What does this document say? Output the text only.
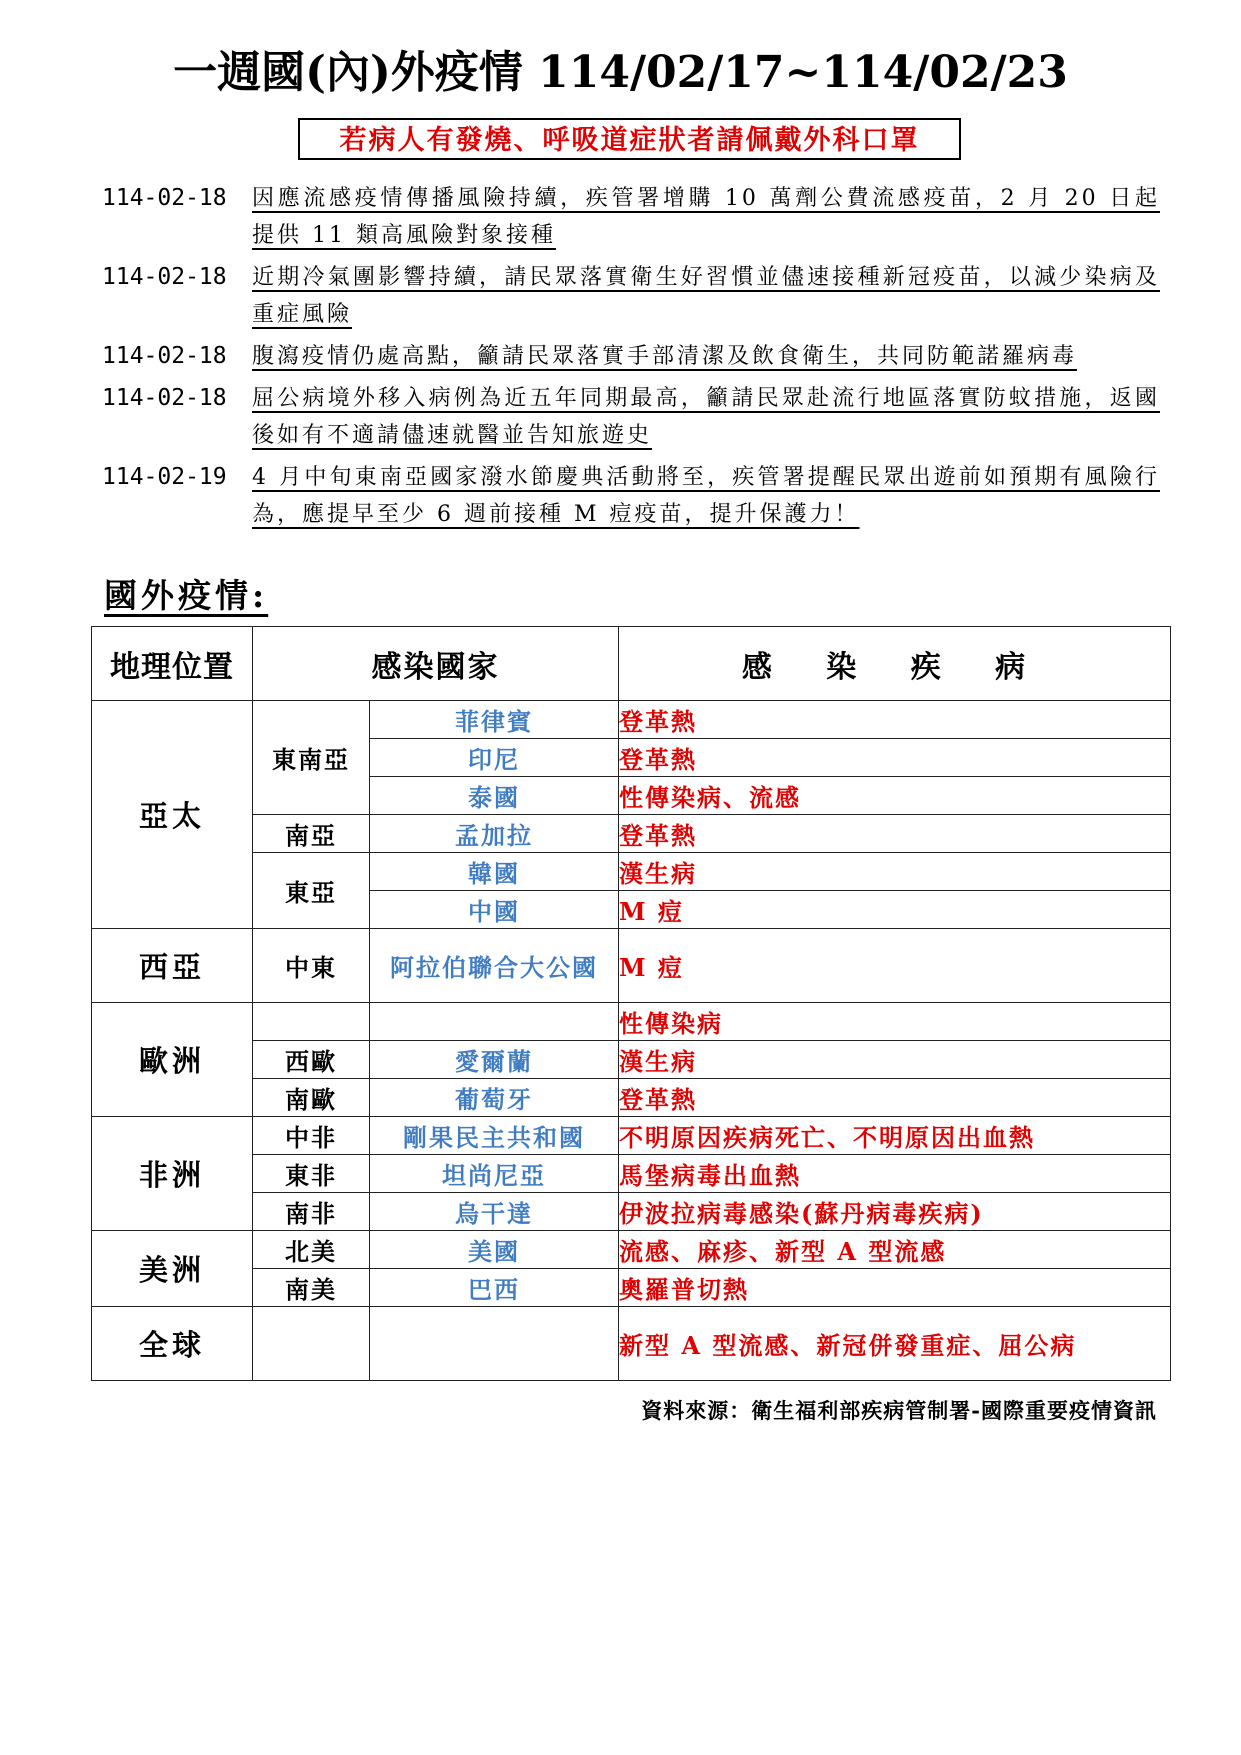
一週國(內)外疫情 114/02/17~114/02/23
若病人有發燒、呼吸道症狀者請佩戴外科口罩
114-02-18	因應流感疫情傳播風險持續，疾管署增購 10 萬劑公費流感疫苗，2 月 20 日起提供 11 類高風險對象接種
114-02-18	近期冷氣團影響持續，請民眾落實衛生好習慣並儘速接種新冠疫苗，以減少染病及重症風險
114-02-18	腹瀉疫情仍處高點，籲請民眾落實手部清潔及飲食衛生，共同防範諾羅病毒
114-02-18	屈公病境外移入病例為近五年同期最高，籲請民眾赴流行地區落實防蚊措施，返國後如有不適請儘速就醫並告知旅遊史
114-02-19	4 月中旬東南亞國家潑水節慶典活動將至，疾管署提醒民眾出遊前如預期有風險行為，應提早至少 6 週前接種 M 痘疫苗，提升保護力！
國外疫情:
地理位置	感染國家		感 染 疾 病
亞太	東南亞	菲律賓	登革熱
		印尼	登革熱
		泰國	性傳染病、流感
	南亞	孟加拉	登革熱
	東亞	韓國	漢生病
		中國	M 痘
西亞	中東	阿拉伯聯合大公國	M 痘
歐洲			性傳染病
	西歐	愛爾蘭	漢生病
	南歐	葡萄牙	登革熱
非洲	中非	剛果民主共和國	不明原因疾病死亡、不明原因出血熱
	東非	坦尚尼亞	馬堡病毒出血熱
	南非	烏干達	伊波拉病毒感染(蘇丹病毒疾病)
美洲	北美	美國	流感、麻疹、新型 A 型流感
	南美	巴西	奧羅普切熱
全球			新型 A 型流感、新冠併發重症、屈公病
資料來源：衛生福利部疾病管制署-國際重要疫情資訊
